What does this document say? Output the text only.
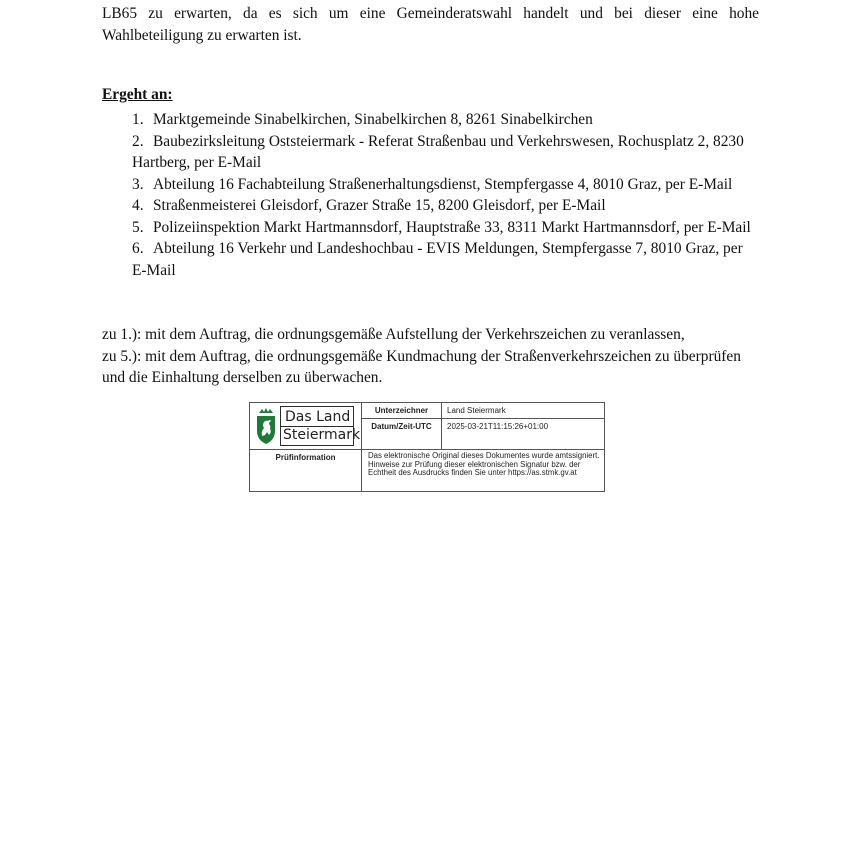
LB65 zu erwarten, da es sich um eine Gemeinderatswahl handelt und bei dieser eine hohe Wahlbeteiligung zu erwarten ist.

Ergeht an:

1. Marktgemeinde Sinabelkirchen, Sinabelkirchen 8, 8261 Sinabelkirchen
2. Baubezirksleitung Oststeiermark - Referat Straßenbau und Verkehrswesen, Rochusplatz 2, 8230 Hartberg, per E-Mail
3. Abteilung 16 Fachabteilung Straßenerhaltungsdienst, Stempfergasse 4, 8010 Graz, per E-Mail
4. Straßenmeisterei Gleisdorf, Grazer Straße 15, 8200 Gleisdorf, per E-Mail
5. Polizeiinspektion Markt Hartmannsdorf, Hauptstraße 33, 8311 Markt Hartmannsdorf, per E-Mail
6. Abteilung 16 Verkehr und Landeshochbau - EVIS Meldungen, Stempfergasse 7, 8010 Graz, per E-Mail

zu 1.): mit dem Auftrag, die ordnungsgemäße Aufstellung der Verkehrszeichen zu veranlassen,

zu 5.): mit dem Auftrag, die ordnungsgemäße Kundmachung der Straßenverkehrszeichen zu überprüfen und die Einhaltung derselben zu überwachen.

Das Land
Steiermark
Unterzeichner	Land Steiermark
Datum/Zeit-UTC	2025-03-21T11:15:26+01:00
Prüfinformation	Das elektronische Original dieses Dokumentes wurde amtssigniert. Hinweise zur Prüfung dieser elektronischen Signatur bzw. der Echtheit des Ausdrucks finden Sie unter https://as.stmk.gv.at
